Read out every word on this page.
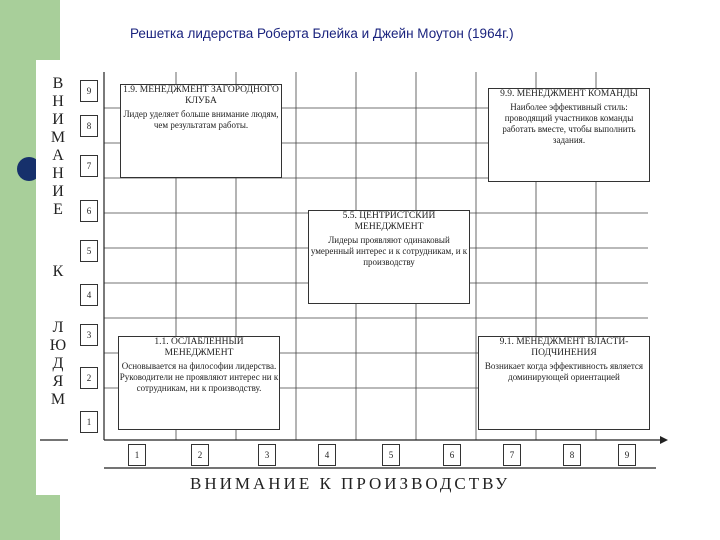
Решетка лидерства Роберта Блейка и Джейн Моутон (1964г.)
В
Н
И
М
А
Н
И
Е
К
Л
Ю
Д
Я
М
9
8
7
6
5
4
3
2
1
1	2	3	4	5	6	7	8	9
ВНИМАНИЕ К ПРОИЗВОДСТВУ
1.9. МЕНЕДЖМЕНТ ЗАГОРОДНОГО КЛУБА
Лидер уделяет больше внимание людям, чем результатам работы.
9.9. МЕНЕДЖМЕНТ КОМАНДЫ
Наиболее эффективный стиль: проводящий участников команды работать вместе, чтобы выполнить задания.
5.5. ЦЕНТРИСТСКИЙ МЕНЕДЖМЕНТ
Лидеры проявляют одинаковый умеренный интерес и к сотрудникам, и к производству
1.1. ОСЛАБЛЕННЫЙ МЕНЕДЖМЕНТ
Основывается на философии лидерства. Руководители не проявляют интерес ни к сотрудникам, ни к производству.
9.1. МЕНЕДЖМЕНТ ВЛАСТИ-ПОДЧИНЕНИЯ
Возникает когда эффективность является доминирующей ориентацией
